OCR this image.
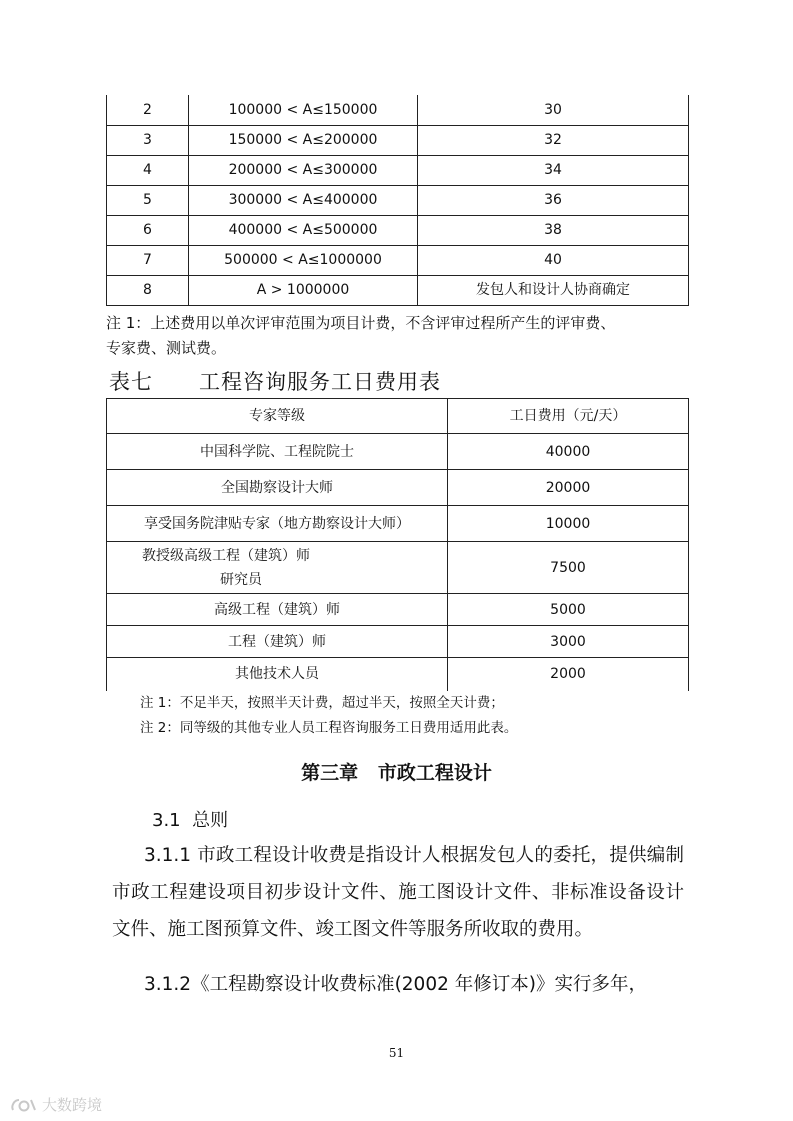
2	100000 < A≤150000	30
3	150000 < A≤200000	32
4	200000 < A≤300000	34
5	300000 < A≤400000	36
6	400000 < A≤500000	38
7	500000 < A≤1000000	40
8	A > 1000000	发包人和设计人协商确定
注 1：上述费用以单次评审范围为项目计费，不含评审过程所产生的评审费、
专家费、测试费。
表七      工程咨询服务工日费用表
专家等级	工日费用（元/天）
中国科学院、工程院院士	40000
全国勘察设计大师	20000
享受国务院津贴专家（地方勘察设计大师）	10000

教授级高级工程（建筑）师
研究员	7500
高级工程（建筑）师	5000
工程（建筑）师	3000
其他技术人员	2000
注 1：不足半天，按照半天计费，超过半天，按照全天计费；
注 2：同等级的其他专业人员工程咨询服务工日费用适用此表。
第三章   市政工程设计
3.1  总则
3.1.1 市政工程设计收费是指设计人根据发包人的委托，提供编制市政工程建设项目初步设计文件、施工图设计文件、非标准设备设计文件、施工图预算文件、竣工图文件等服务所收取的费用。
3.1.2《工程勘察设计收费标准(2002 年修订本)》实行多年，
51
大数跨境
